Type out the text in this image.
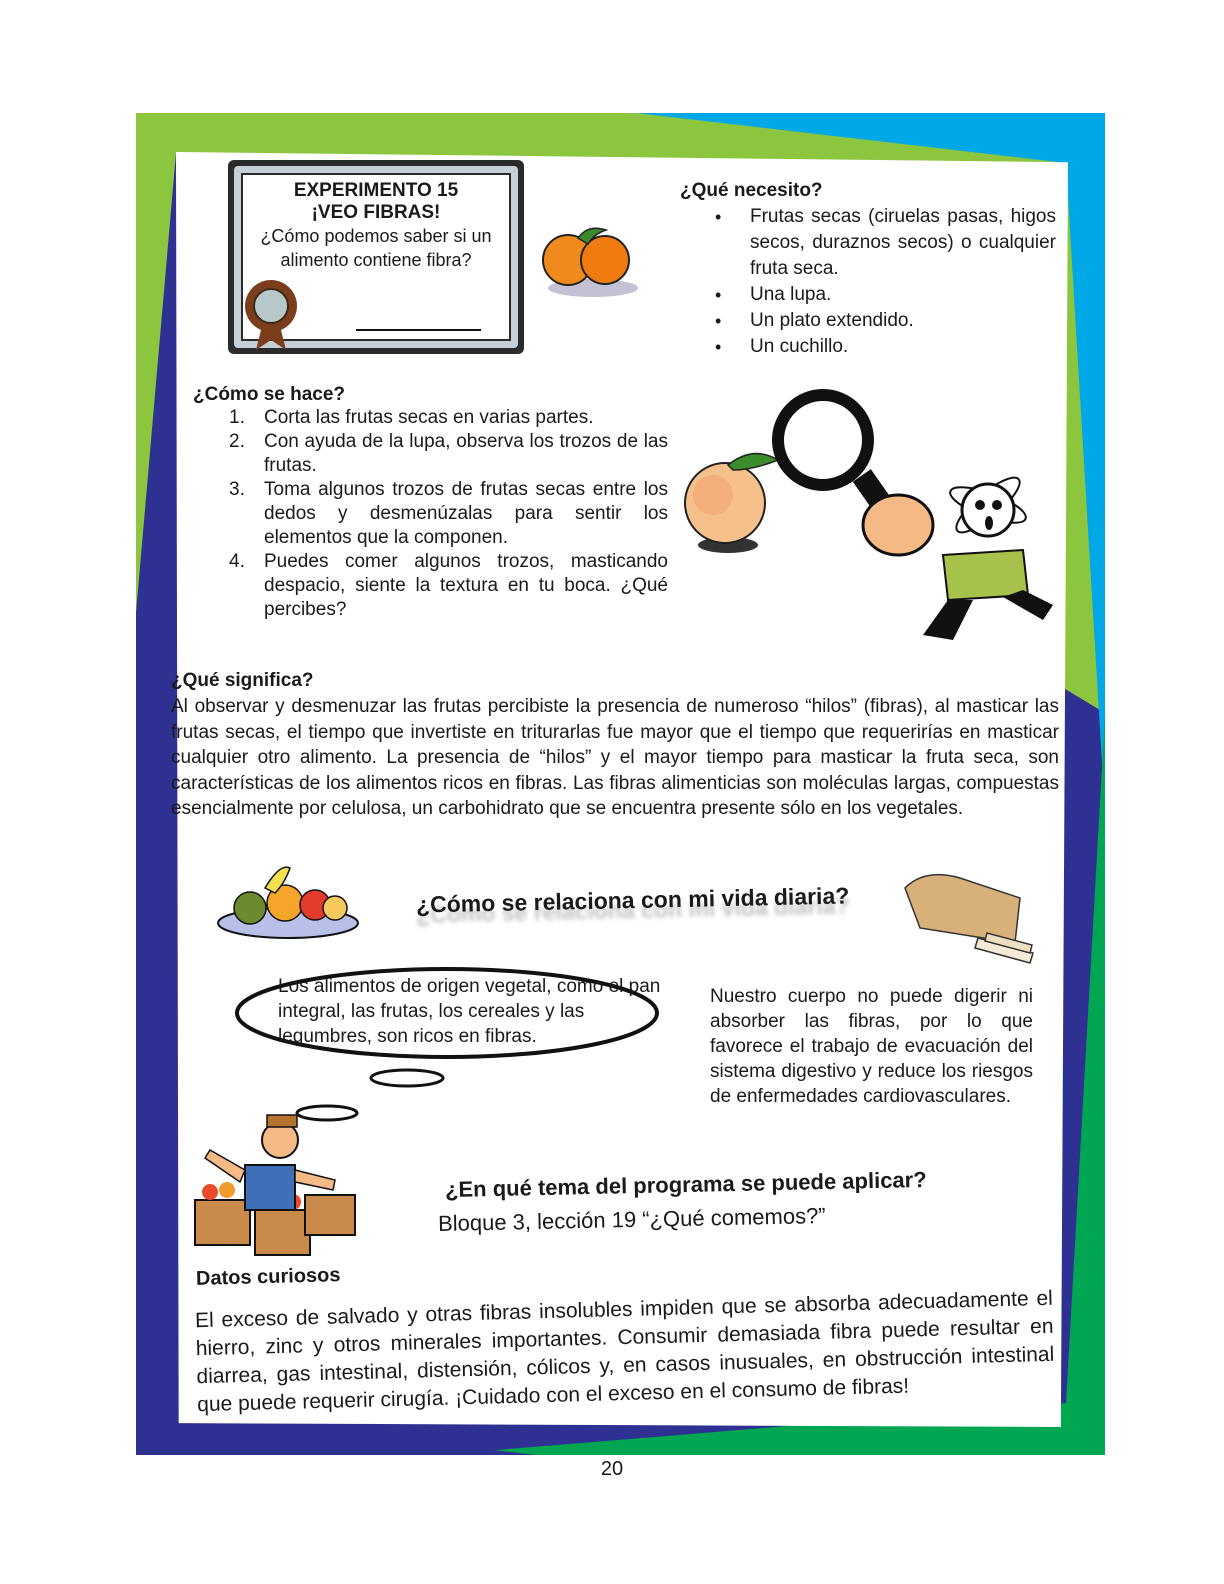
EXPERIMENTO 15
¡VEO FIBRAS!
¿Cómo podemos saber si un alimento contiene fibra?
¿Qué necesito?
• Frutas secas (ciruelas pasas, higos secos, duraznos secos) o cualquier fruta seca.
• Una lupa.
• Un plato extendido.
• Un cuchillo.
¿Cómo se hace?
1. Corta las frutas secas en varias partes.
2. Con ayuda de la lupa, observa los trozos de las frutas.
3. Toma algunos trozos de frutas secas entre los dedos y desmenúzalas para sentir los elementos que la componen.
4. Puedes comer algunos trozos, masticando despacio, siente la textura en tu boca. ¿Qué percibes?
¿Qué significa?
Al observar y desmenuzar las frutas percibiste la presencia de numeroso “hilos” (fibras), al masticar las frutas secas, el tiempo que invertiste en triturarlas fue mayor que el tiempo que requerirías en masticar cualquier otro alimento. La presencia de “hilos” y el mayor tiempo para masticar la fruta seca, son características de los alimentos ricos en fibras. Las fibras alimenticias son moléculas largas, compuestas esencialmente por celulosa, un carbohidrato que se encuentra presente sólo en los vegetales.
¿Cómo se relaciona con mi vida diaria?
Los alimentos de origen vegetal, como el pan integral, las frutas, los cereales y las legumbres, son ricos en fibras.
Nuestro cuerpo no puede digerir ni absorber las fibras, por lo que favorece el trabajo de evacuación del sistema digestivo y reduce los riesgos de enfermedades cardiovasculares.
¿En qué tema del programa se puede aplicar?
Bloque 3, lección 19 “¿Qué comemos?”
Datos curiosos
El exceso de salvado y otras fibras insolubles impiden que se absorba adecuadamente el hierro, zinc y otros minerales importantes. Consumir demasiada fibra puede resultar en diarrea, gas intestinal, distensión, cólicos y, en casos inusuales, en obstrucción intestinal que puede requerir cirugía. ¡Cuidado con el exceso en el consumo de fibras!
20
